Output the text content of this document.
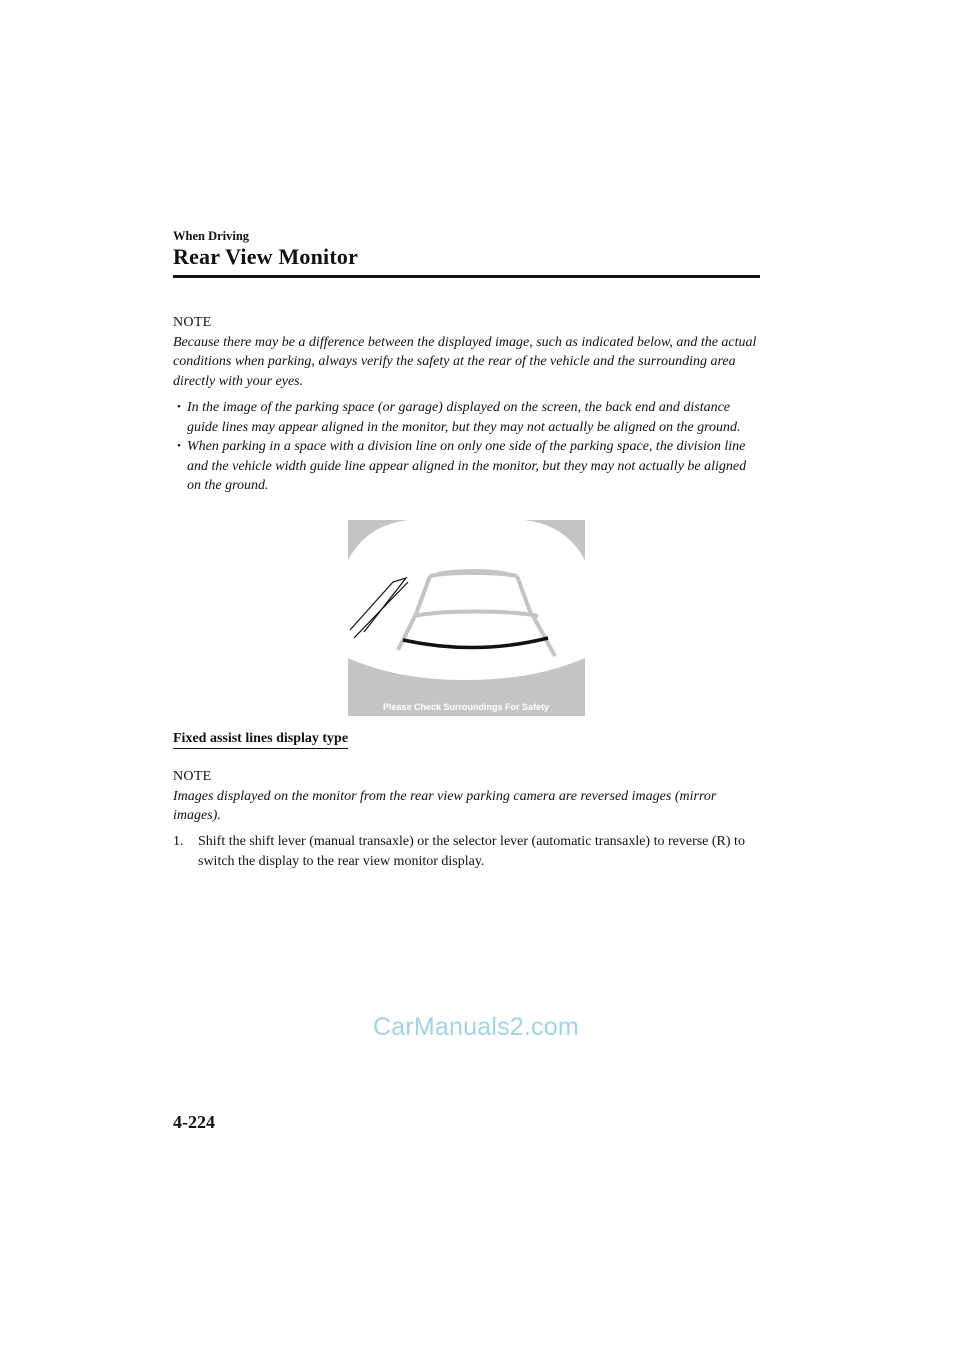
When Driving
Rear View Monitor
NOTE
Because there may be a difference between the displayed image, such as indicated below, and the actual conditions when parking, always verify the safety at the rear of the vehicle and the surrounding area directly with your eyes.
• In the image of the parking space (or garage) displayed on the screen, the back end and distance guide lines may appear aligned in the monitor, but they may not actually be aligned on the ground.
• When parking in a space with a division line on only one side of the parking space, the division line and the vehicle width guide line appear aligned in the monitor, but they may not actually be aligned on the ground.
Please Check Surroundings For Safety
Fixed assist lines display type
NOTE
Images displayed on the monitor from the rear view parking camera are reversed images (mirror images).
1.	Shift the shift lever (manual transaxle) or the selector lever (automatic transaxle) to reverse (R) to switch the display to the rear view monitor display.
CarManuals2.com
4-224
